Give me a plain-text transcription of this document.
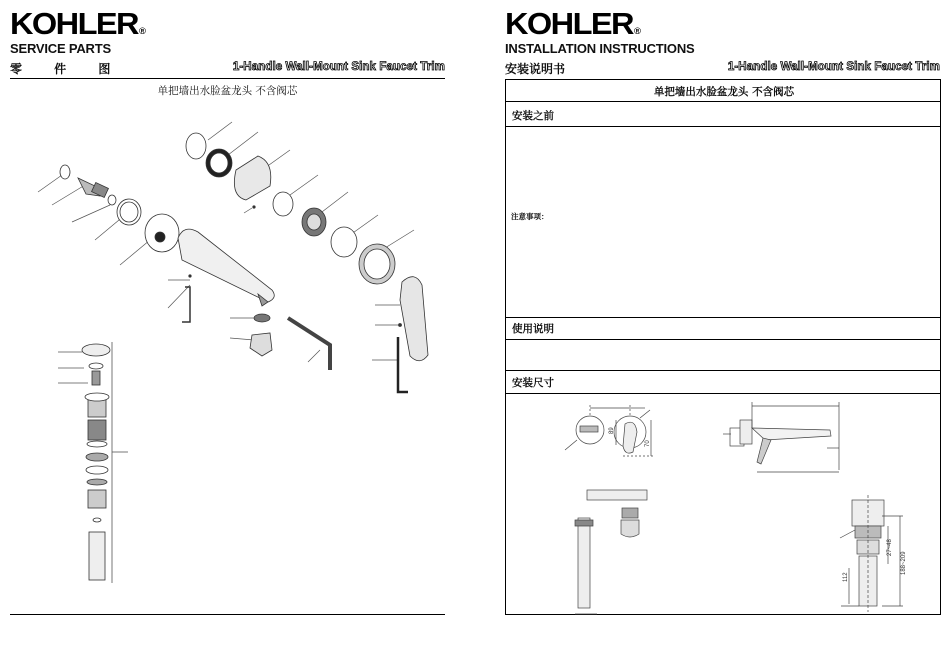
KOHLER®
SERVICE PARTS
零 件 图	1-Handle Wall-Mount Sink Faucet Trim
单把墙出水脸盆龙头 不含阀芯
KOHLER®
INSTALLATION INSTRUCTIONS
安装说明书	1-Handle Wall-Mount Sink Faucet Trim
单把墙出水脸盆龙头 不含阀芯
安装之前
注意事项：
使用说明
安装尺寸
89
70
188~209
27~48
112
